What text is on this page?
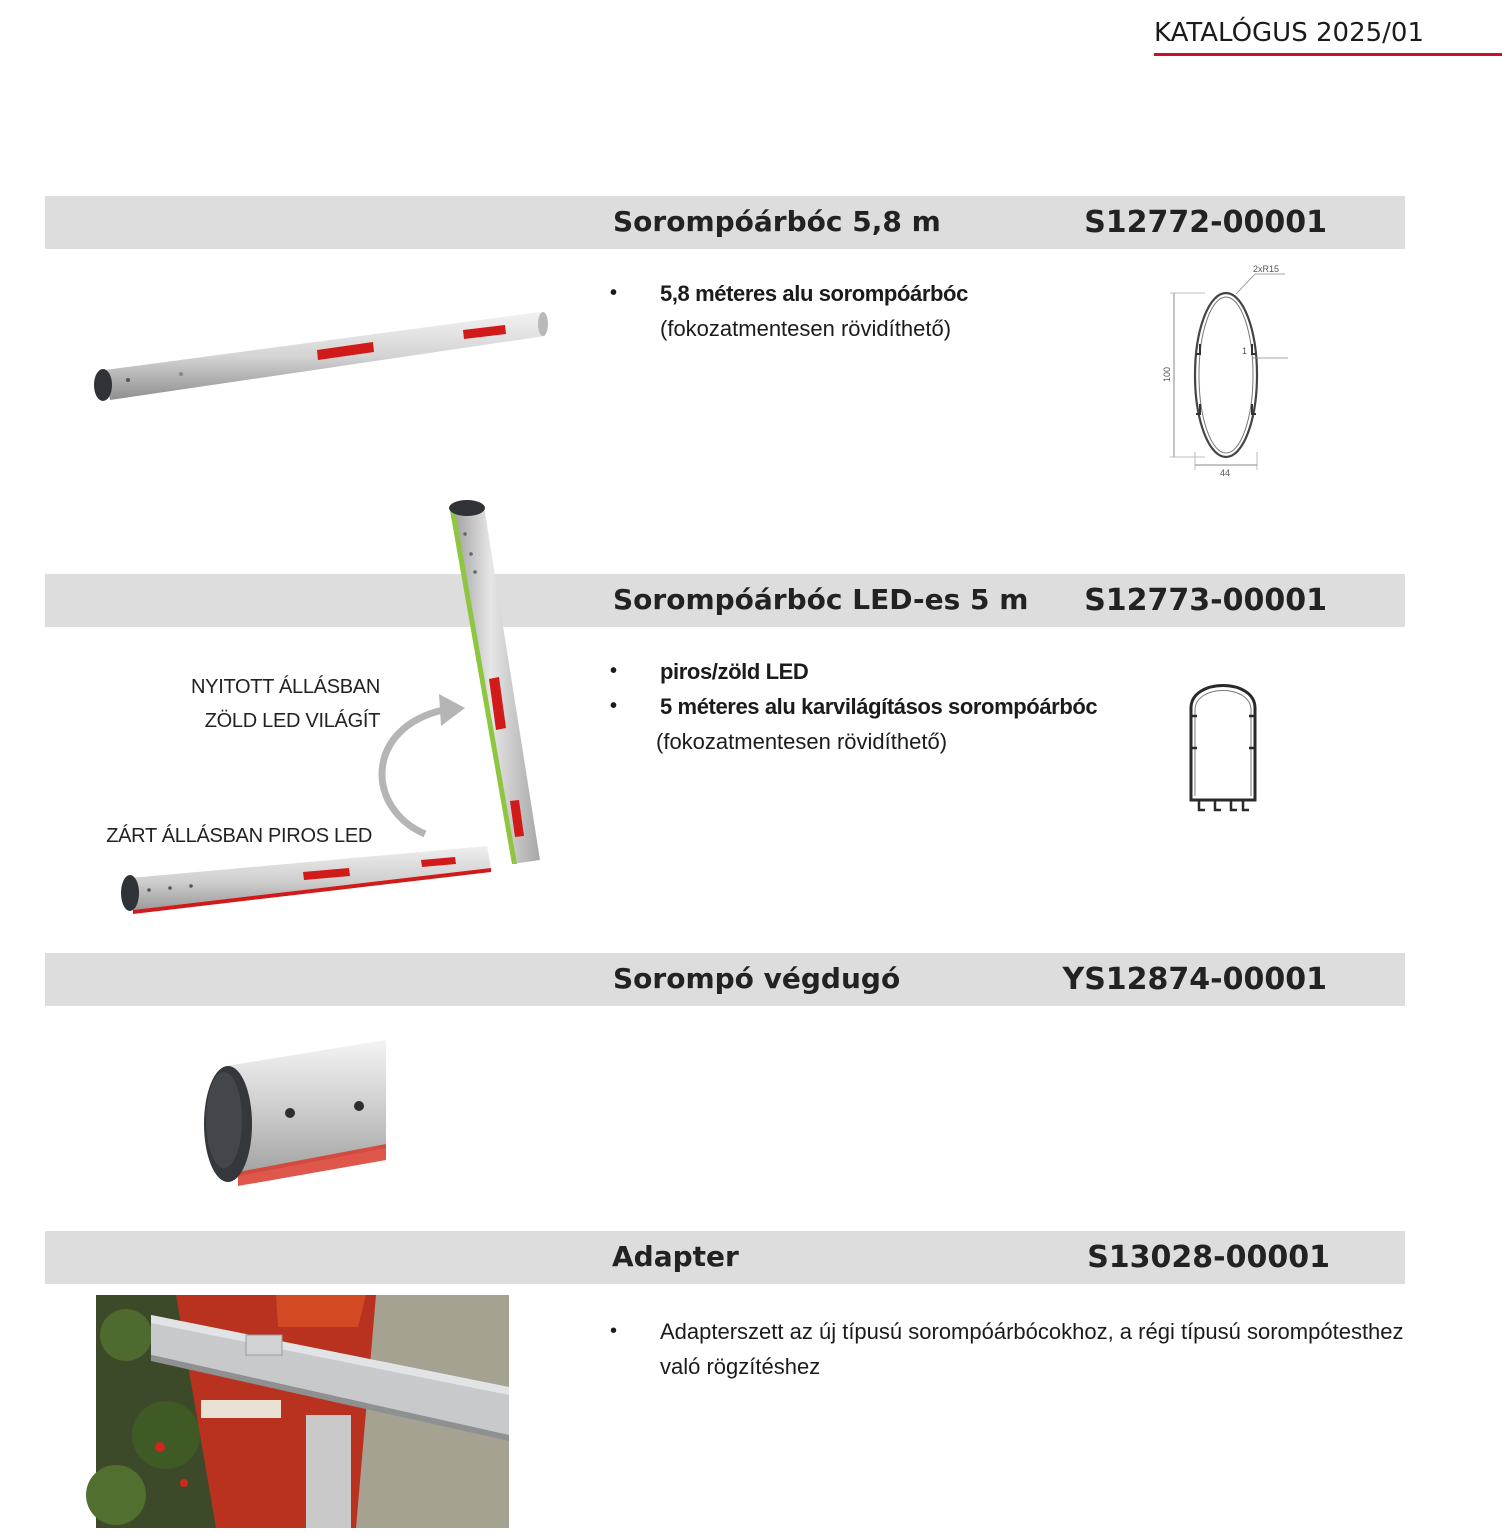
KATALÓGUS 2025/01
Sorompóárbóc 5,8 m	S12772-00001
• 5,8 méteres alu sorompóárbóc
(fokozatmentesen rövidíthető)
2xR15
1
100
44
Sorompóárbóc LED-es 5 m S12773-00001
NYITOTT ÁLLÁSBAN
ZÖLD LED VILÁGÍT
ZÁRT ÁLLÁSBAN PIROS LED
• piros/zöld LED
• 5 méteres alu karvilágításos sorompóárbóc
(fokozatmentesen rövidíthető)
Sorompó végdugó	YS12874-00001
Adapter	S13028-00001
• Adapterszett az új típusú sorompóárbócokhoz, a régi típusú sorompótesthez
való rögzítéshez
